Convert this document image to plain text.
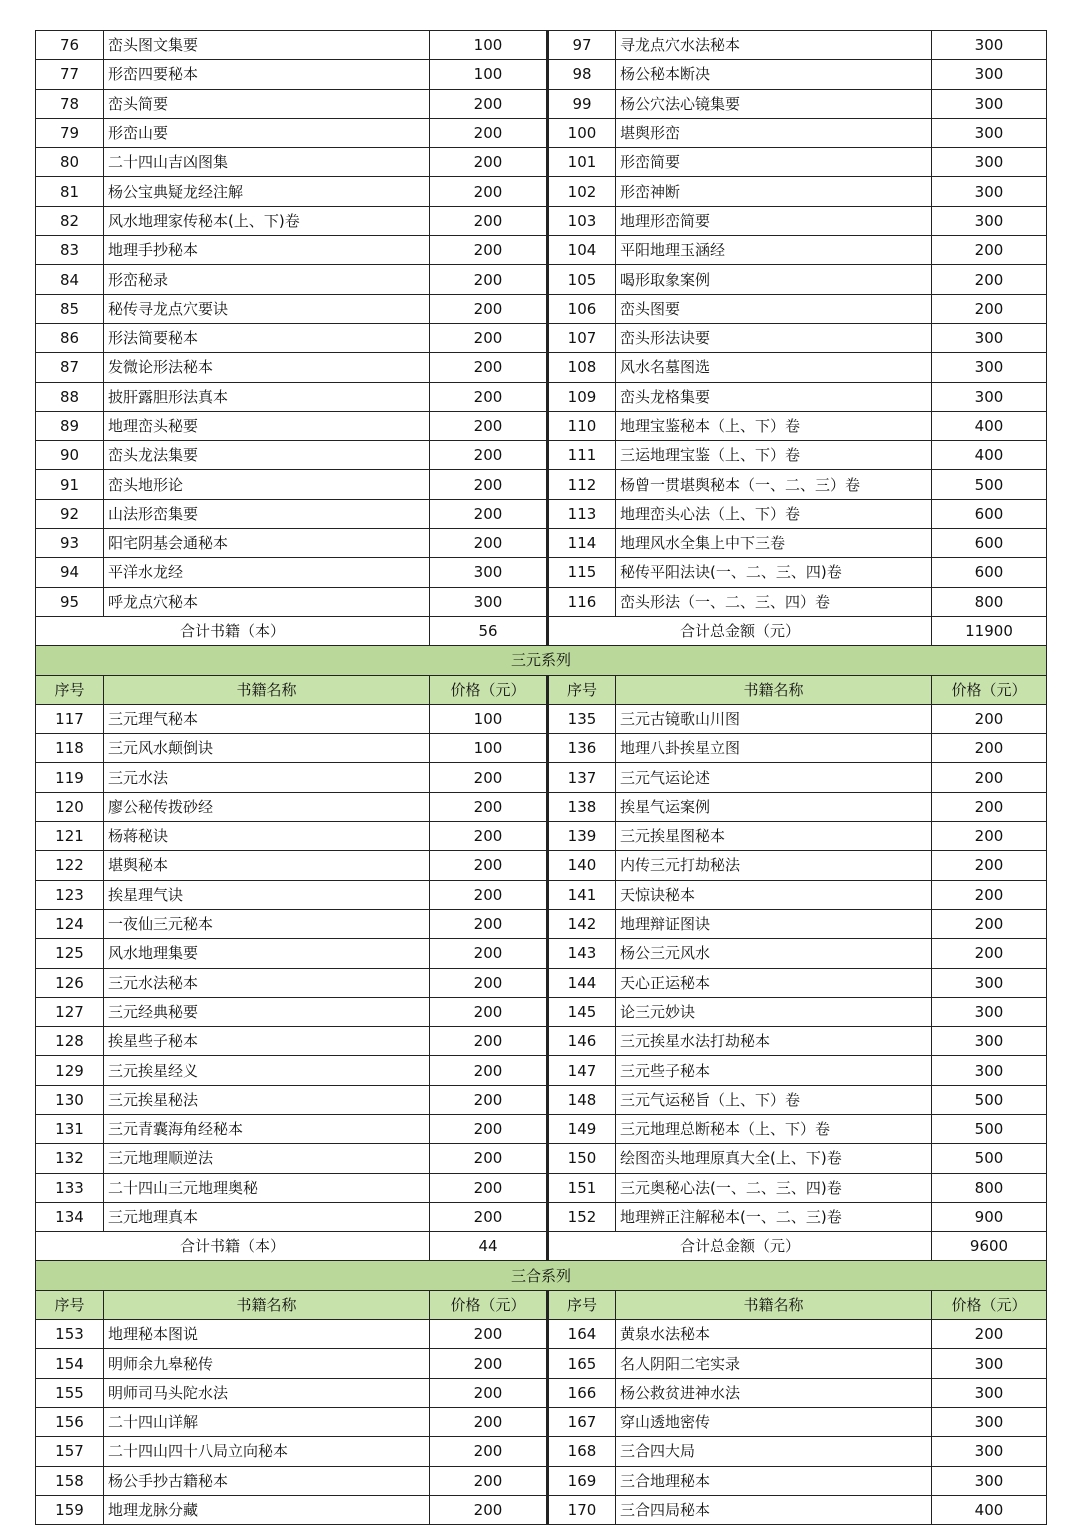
76	峦头图文集要	100	97	寻龙点穴水法秘本	300
77	形峦四要秘本	100	98	杨公秘本断决	300
78	峦头简要	200	99	杨公穴法心镜集要	300
79	形峦山要	200	100	堪舆形峦	300
80	二十四山吉凶图集	200	101	形峦简要	300
81	杨公宝典疑龙经注解	200	102	形峦神断	300
82	风水地理家传秘本(上、下)卷	200	103	地理形峦简要	300
83	地理手抄秘本	200	104	平阳地理玉涵经	200
84	形峦秘录	200	105	喝形取象案例	200
85	秘传寻龙点穴要诀	200	106	峦头图要	200
86	形法简要秘本	200	107	峦头形法诀要	300
87	发微论形法秘本	200	108	风水名墓图选	300
88	披肝露胆形法真本	200	109	峦头龙格集要	300
89	地理峦头秘要	200	110	地理宝鉴秘本（上、下）卷	400
90	峦头龙法集要	200	111	三运地理宝鉴（上、下）卷	400
91	峦头地形论	200	112	杨曾一贯堪舆秘本（一、二、三）卷	500
92	山法形峦集要	200	113	地理峦头心法（上、下）卷	600
93	阳宅阴基会通秘本	200	114	地理风水全集上中下三卷	600
94	平洋水龙经	300	115	秘传平阳法诀(一、二、三、四)卷	600
95	呼龙点穴秘本	300	116	峦头形法（一、二、三、四）卷	800
合计书籍（本）		56	合计总金额（元）		11900
三元系列					
序号	书籍名称	价格（元）	序号	书籍名称	价格（元）
117	三元理气秘本	100	135	三元古镜歌山川图	200
118	三元风水颠倒诀	100	136	地理八卦挨星立图	200
119	三元水法	200	137	三元气运论述	200
120	廖公秘传拨砂经	200	138	挨星气运案例	200
121	杨蒋秘诀	200	139	三元挨星图秘本	200
122	堪舆秘本	200	140	内传三元打劫秘法	200
123	挨星理气诀	200	141	天惊诀秘本	200
124	一夜仙三元秘本	200	142	地理辩证图诀	200
125	风水地理集要	200	143	杨公三元风水	200
126	三元水法秘本	200	144	天心正运秘本	300
127	三元经典秘要	200	145	论三元妙诀	300
128	挨星些子秘本	200	146	三元挨星水法打劫秘本	300
129	三元挨星经义	200	147	三元些子秘本	300
130	三元挨星秘法	200	148	三元气运秘旨（上、下）卷	500
131	三元青囊海角经秘本	200	149	三元地理总断秘本（上、下）卷	500
132	三元地理顺逆法	200	150	绘图峦头地理原真大全(上、下)卷	500
133	二十四山三元地理奥秘	200	151	三元奥秘心法(一、二、三、四)卷	800
134	三元地理真本	200	152	地理辨正注解秘本(一、二、三)卷	900
合计书籍（本）		44	合计总金额（元）		9600
三合系列					
序号	书籍名称	价格（元）	序号	书籍名称	价格（元）
153	地理秘本图说	200	164	黄泉水法秘本	200
154	明师余九皋秘传	200	165	名人阴阳二宅实录	300
155	明师司马头陀水法	200	166	杨公救贫进神水法	300
156	二十四山详解	200	167	穿山透地密传	300
157	二十四山四十八局立向秘本	200	168	三合四大局	300
158	杨公手抄古籍秘本	200	169	三合地理秘本	300
159	地理龙脉分藏	200	170	三合四局秘本	400
